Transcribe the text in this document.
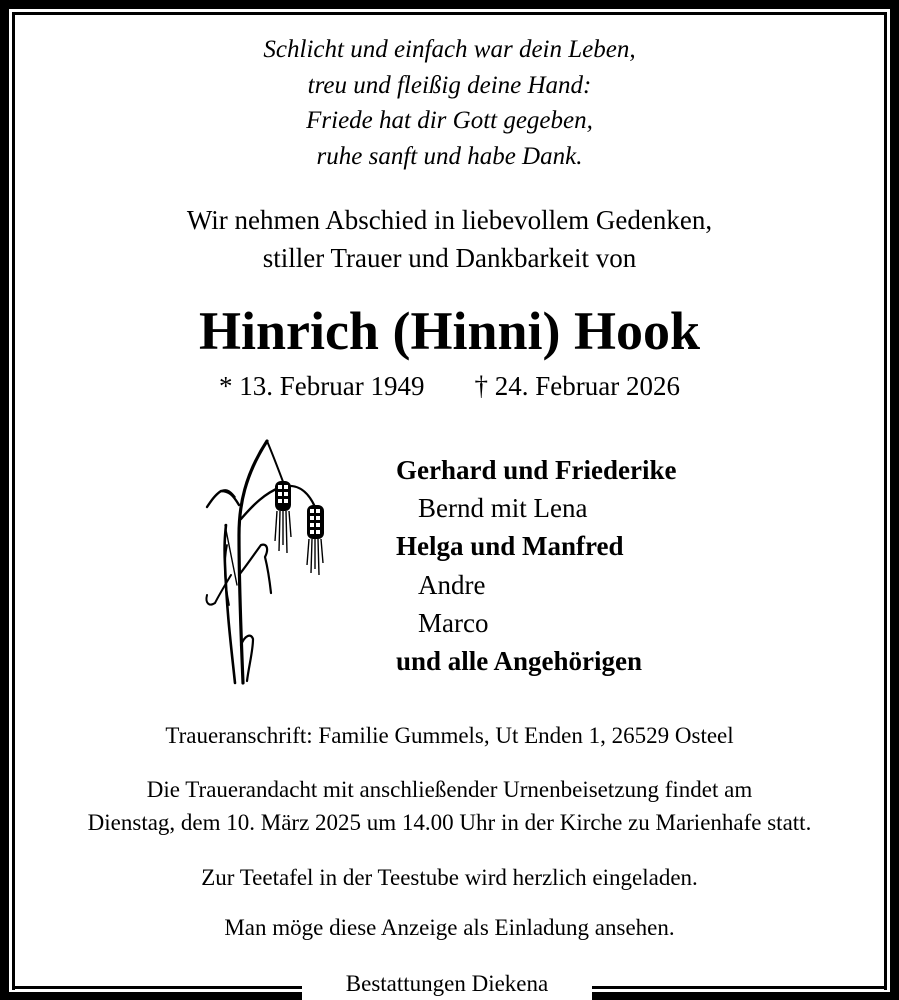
Schlicht und einfach war dein Leben,
treu und fleißig deine Hand:
Friede hat dir Gott gegeben,
ruhe sanft und habe Dank.
Wir nehmen Abschied in liebevollem Gedenken,
stiller Trauer und Dankbarkeit von
Hinrich (Hinni) Hook
* 13. Februar 1949 † 24. Februar 2026
Gerhard und Friederike
Bernd mit Lena
Helga und Manfred
Andre
Marco
und alle Angehörigen
Traueranschrift: Familie Gummels, Ut Enden 1, 26529 Osteel
Die Trauerandacht mit anschließender Urnenbeisetzung findet am
Dienstag, dem 10. März 2025 um 14.00 Uhr in der Kirche zu Marienhafe statt.
Zur Teetafel in der Teestube wird herzlich eingeladen.
Man möge diese Anzeige als Einladung ansehen.
Bestattungen Diekena
